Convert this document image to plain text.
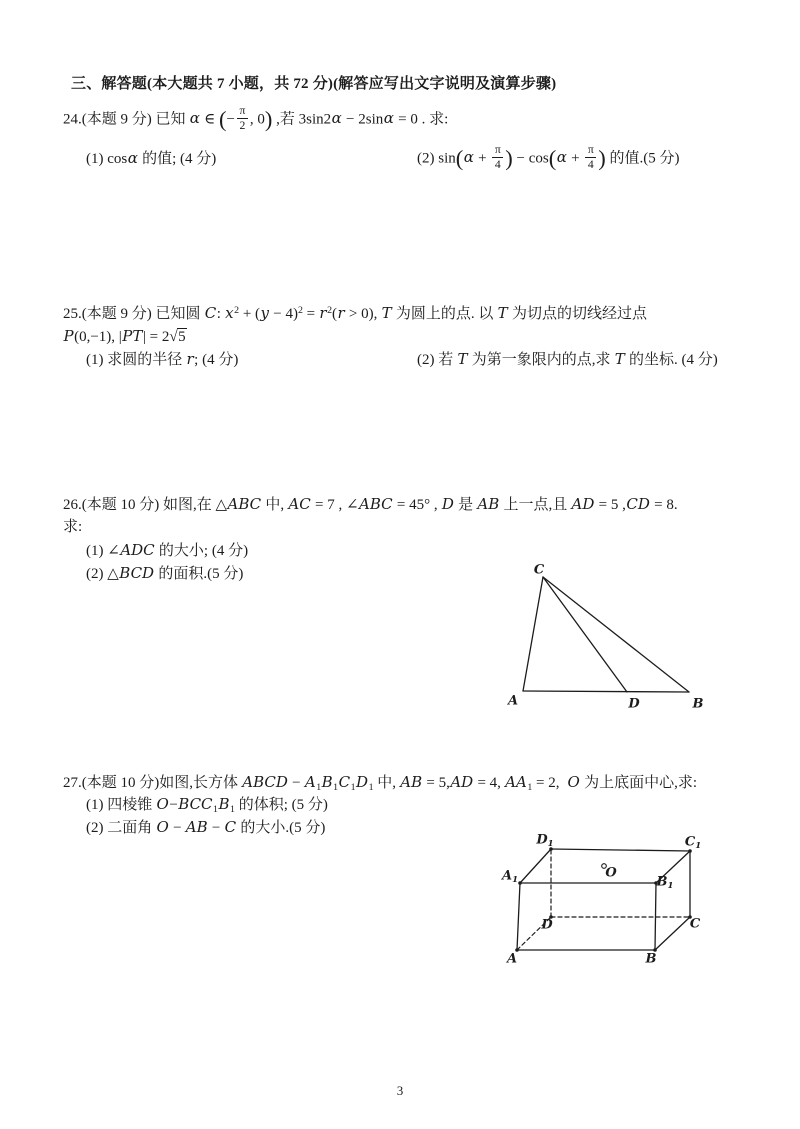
三、解答题(本大题共 7 小题，共 72 分)(解答应写出文字说明及演算步骤)
24.(本题 9 分) 已知 α ∈ (− $\frac{\pi}{2}$ , 0) ,若 3sin2α − 2sinα = 0 . 求:
(1) cosα 的值; (4 分)	(2) $\sin(\alpha + \frac{\pi}{4}$ ) − $\cos(\alpha + \frac{\pi}{4}$ ) 的值.(5 分)
25.(本题 9 分) 已知圆 C: $x^2 + (y - 4)^2 = r^2(r > 0)$, T 为圆上的点. 以 T 为切点的切线经过点
P(0,−1), |PT| = 2√5
(1) 求圆的半径 r; (4 分)	(2) 若 T 为第一象限内的点,求 T 的坐标. (4 分)
26.(本题 10 分) 如图,在 △ABC 中, AC = 7 , ∠ABC = 45° , D 是 AB 上一点,且 AD = 5 ,CD = 8.
求:
(1) ∠ADC 的大小; (4 分)
(2) △BCD 的面积.(5 分)	C
A	D	B
27.(本题 10 分)如图,长方体 ABCD − $A_1B_1C_1D_1$ 中, AB = 5,AD = 4, $AA_1 = 2$,  O 为上底面中心,求:
(1) 四棱锥 $O-BCC_1B_1$ 的体积; (5 分)
(2) 二面角 O − AB − C 的大小.(5 分)
$D_1$	$C_1$
$A_1$	$B_1$
O
D	C
A	B
3
